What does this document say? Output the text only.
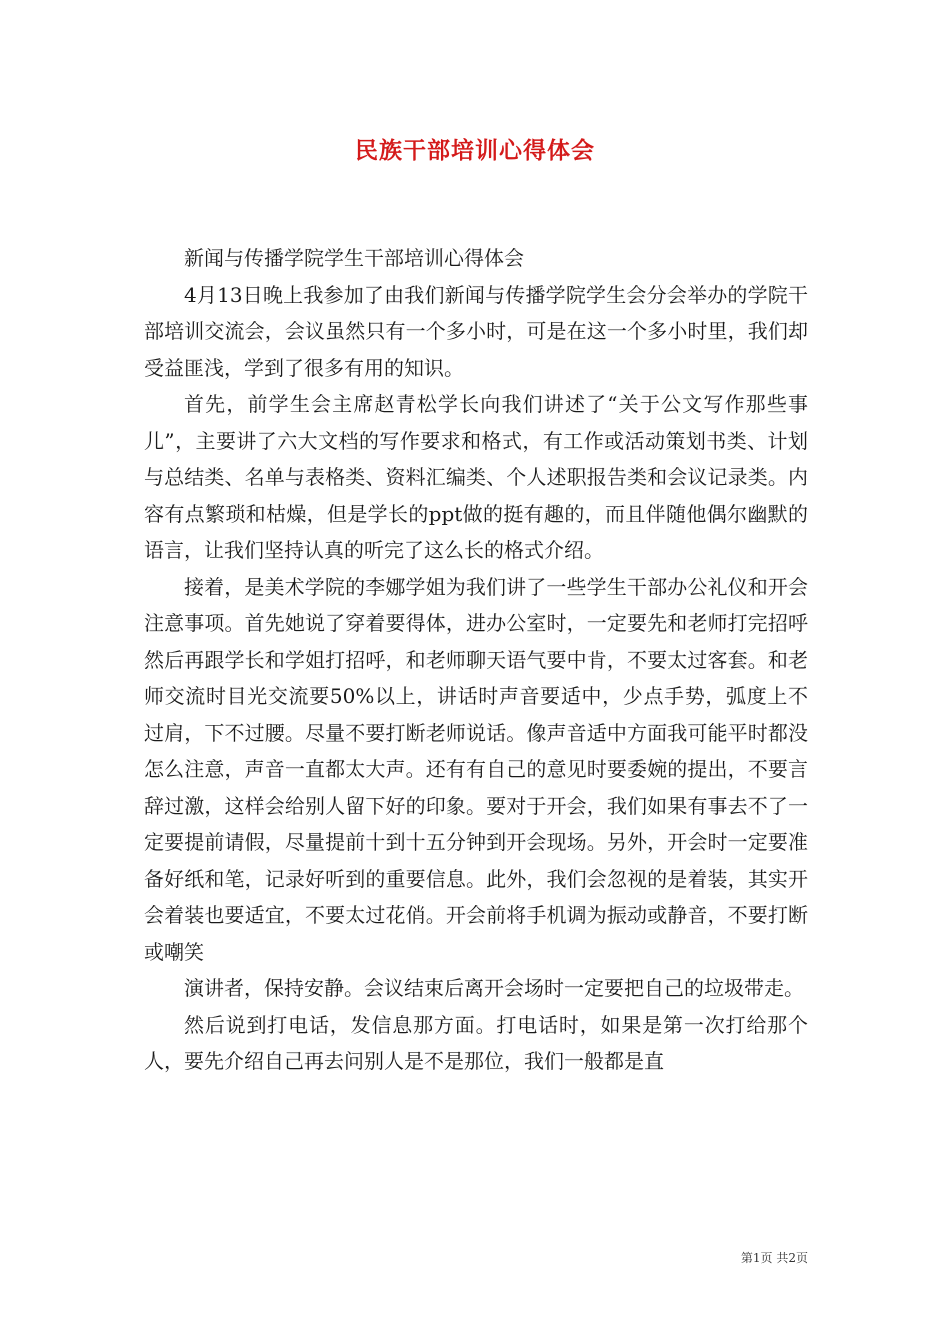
民族干部培训心得体会

新闻与传播学院学生干部培训心得体会

4月13日晚上我参加了由我们新闻与传播学院学生会分会举办的学院干部培训交流会，会议虽然只有一个多小时，可是在这一个多小时里，我们却受益匪浅，学到了很多有用的知识。

首先，前学生会主席赵青松学长向我们讲述了“关于公文写作那些事儿”，主要讲了六大文档的写作要求和格式，有工作或活动策划书类、计划与总结类、名单与表格类、资料汇编类、个人述职报告类和会议记录类。内容有点繁琐和枯燥，但是学长的ppt做的挺有趣的，而且伴随他偶尔幽默的语言，让我们坚持认真的听完了这么长的格式介绍。

接着，是美术学院的李娜学姐为我们讲了一些学生干部办公礼仪和开会注意事项。首先她说了穿着要得体，进办公室时，一定要先和老师打完招呼然后再跟学长和学姐打招呼，和老师聊天语气要中肯，不要太过客套。和老师交流时目光交流要50%以上，讲话时声音要适中，少点手势，弧度上不过肩，下不过腰。尽量不要打断老师说话。像声音适中方面我可能平时都没怎么注意，声音一直都太大声。还有有自己的意见时要委婉的提出，不要言辞过激，这样会给别人留下好的印象。要对于开会，我们如果有事去不了一定要提前请假，尽量提前十到十五分钟到开会现场。另外，开会时一定要准备好纸和笔，记录好听到的重要信息。此外，我们会忽视的是着装，其实开会着装也要适宜，不要太过花俏。开会前将手机调为振动或静音，不要打断或嘲笑

演讲者，保持安静。会议结束后离开会场时一定要把自己的垃圾带走。

然后说到打电话，发信息那方面。打电话时，如果是第一次打给那个人，要先介绍自己再去问别人是不是那位，我们一般都是直

第1页 共2页
